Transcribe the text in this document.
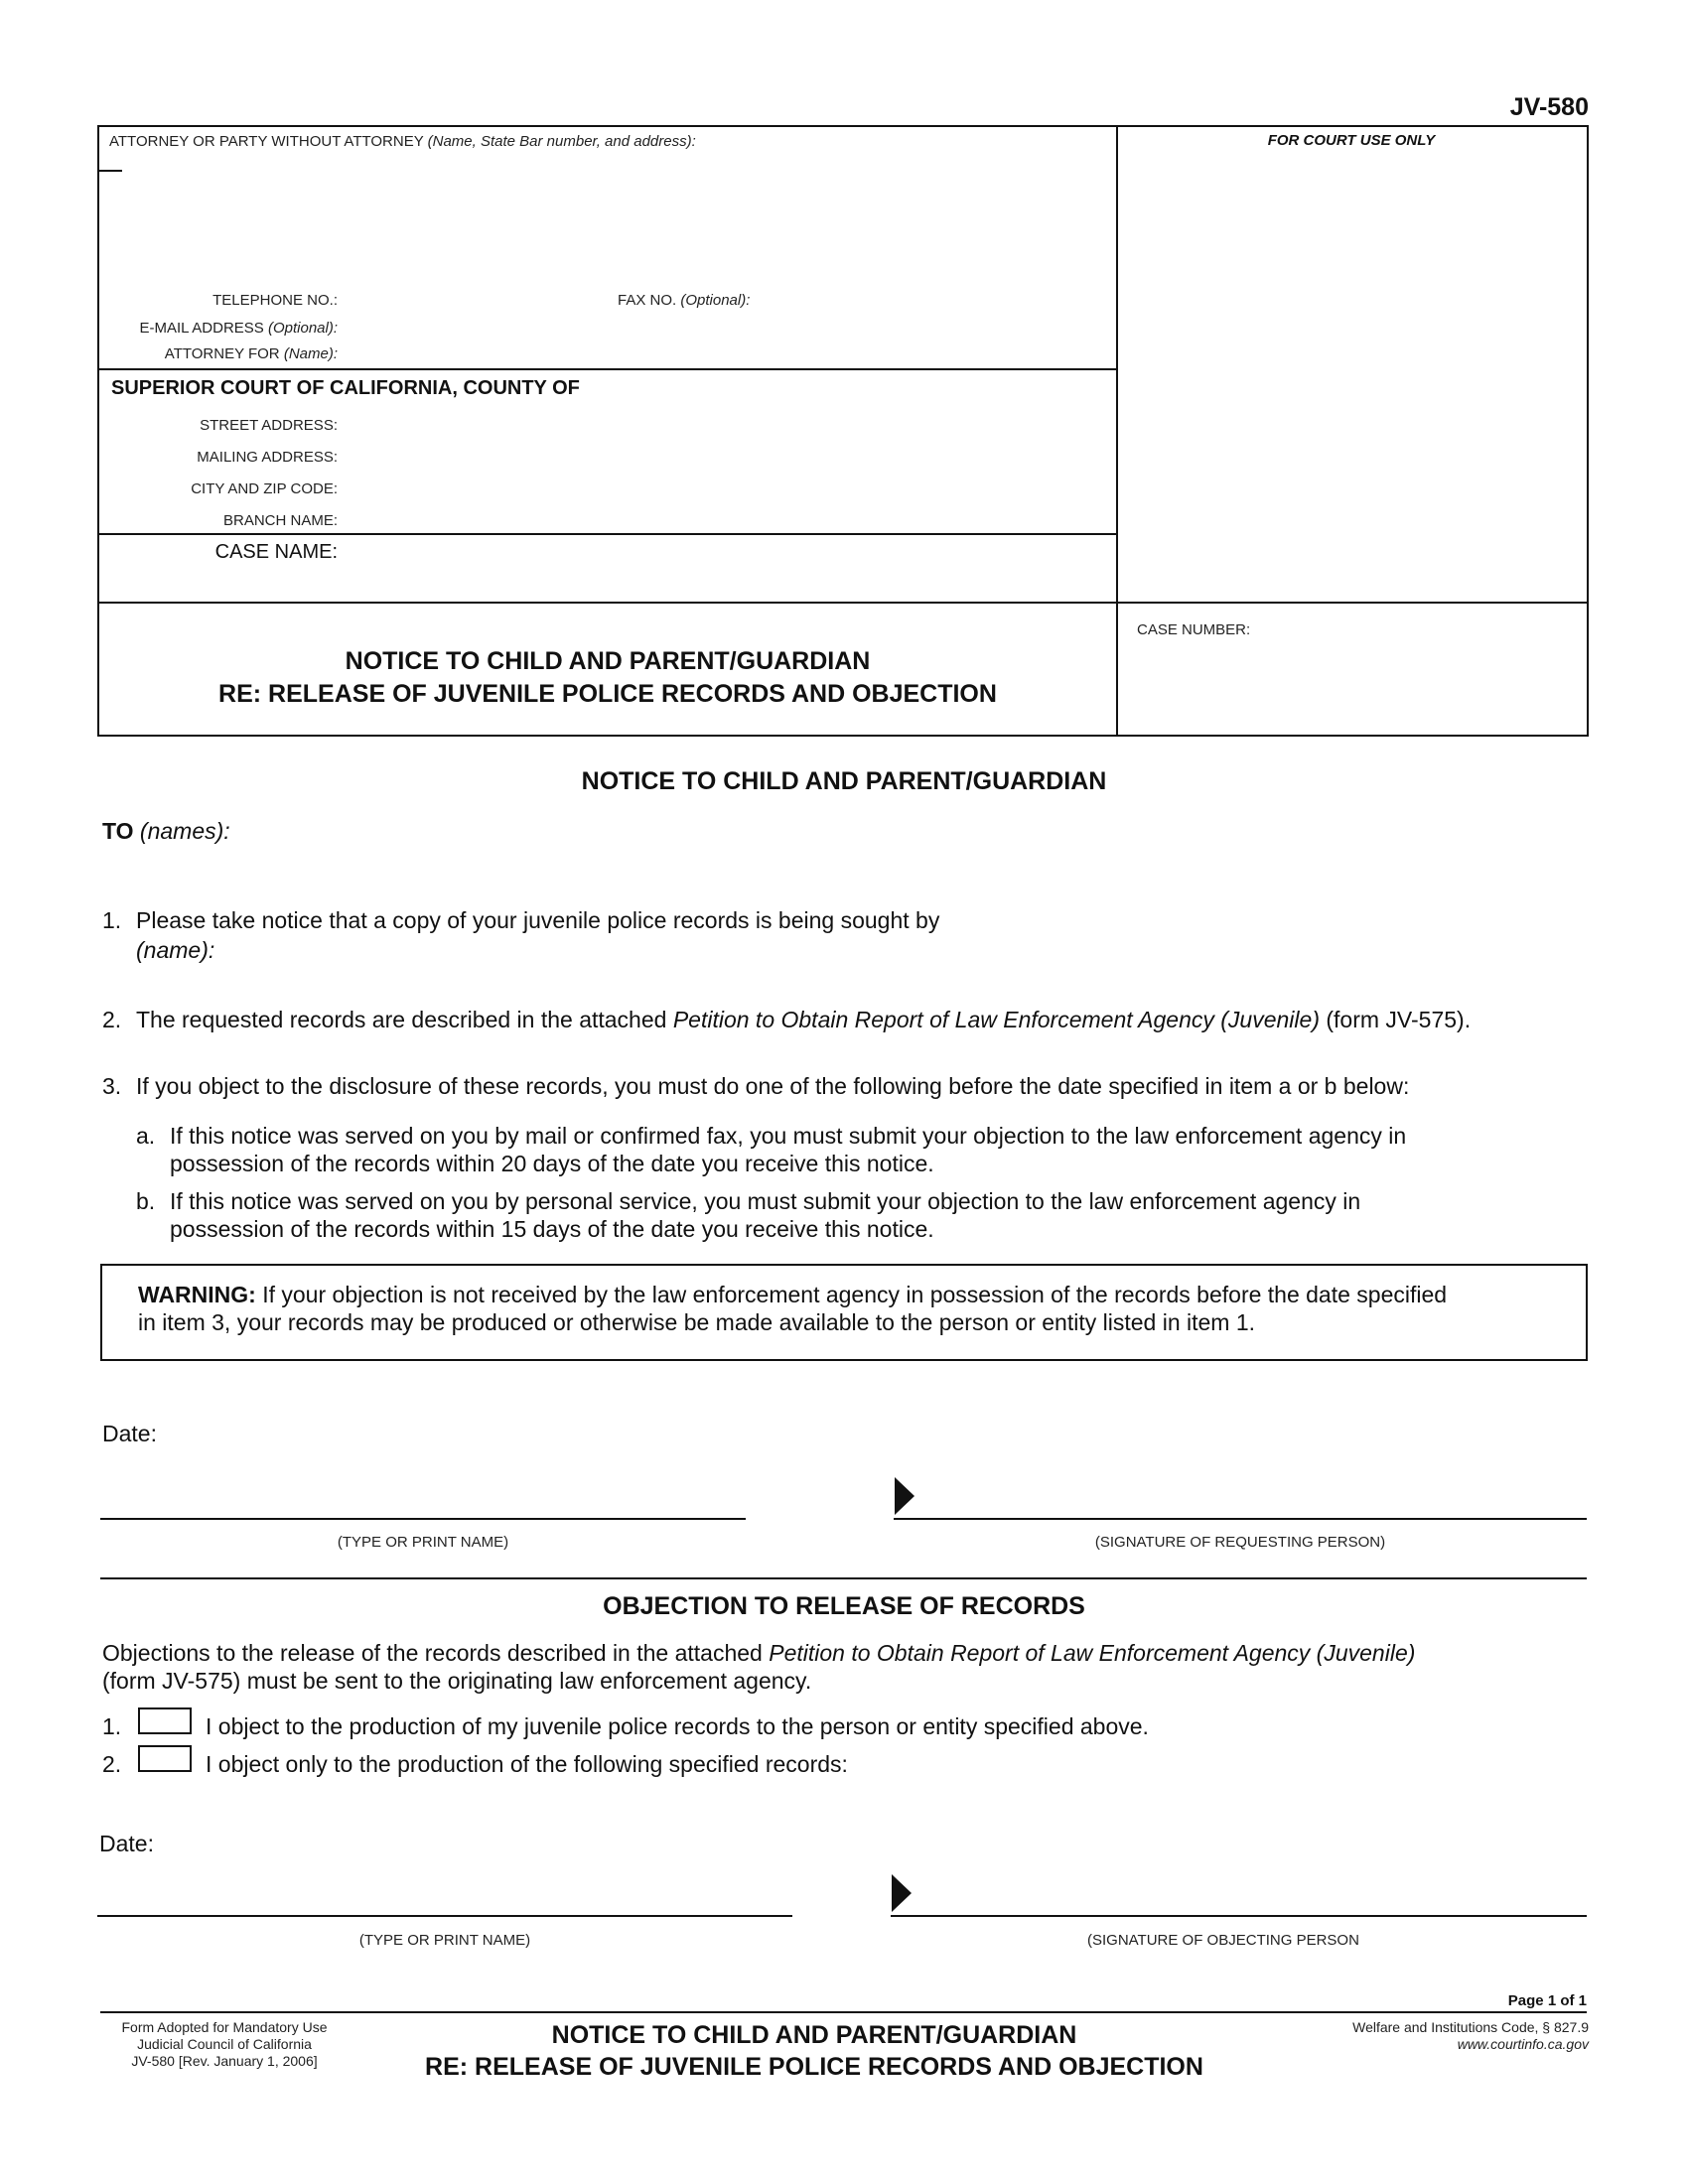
JV-580
ATTORNEY OR PARTY WITHOUT ATTORNEY (Name, State Bar number, and address):	FOR COURT USE ONLY
TELEPHONE NO.:	FAX NO. (Optional):
E-MAIL ADDRESS (Optional):
ATTORNEY FOR (Name):
SUPERIOR COURT OF CALIFORNIA, COUNTY OF
STREET ADDRESS:
MAILING ADDRESS:
CITY AND ZIP CODE:
BRANCH NAME:
CASE NAME:
NOTICE TO CHILD AND PARENT/GUARDIAN
RE: RELEASE OF JUVENILE POLICE RECORDS AND OBJECTION
CASE NUMBER:
NOTICE TO CHILD AND PARENT/GUARDIAN
TO (names):
1. Please take notice that a copy of your juvenile police records is being sought by
(name):
2. The requested records are described in the attached Petition to Obtain Report of Law Enforcement Agency (Juvenile) (form JV-575).
3. If you object to the disclosure of these records, you must do one of the following before the date specified in item a or b below:
a. If this notice was served on you by mail or confirmed fax, you must submit your objection to the law enforcement agency in
possession of the records within 20 days of the date you receive this notice.
b. If this notice was served on you by personal service, you must submit your objection to the law enforcement agency in
possession of the records within 15 days of the date you receive this notice.
WARNING: If your objection is not received by the law enforcement agency in possession of the records before the date specified
in item 3, your records may be produced or otherwise be made available to the person or entity listed in item 1.
Date:
(TYPE OR PRINT NAME)	(SIGNATURE OF REQUESTING PERSON)
OBJECTION TO RELEASE OF RECORDS
Objections to the release of the records described in the attached Petition to Obtain Report of Law Enforcement Agency (Juvenile)
(form JV-575) must be sent to the originating law enforcement agency.
1.	I object to the production of my juvenile police records to the person or entity specified above.
2.	I object only to the production of the following specified records:
Date:
(TYPE OR PRINT NAME)	(SIGNATURE OF OBJECTING PERSON
Page 1 of 1
Form Adopted for Mandatory Use
Judicial Council of California
JV-580 [Rev. January 1, 2006]
NOTICE TO CHILD AND PARENT/GUARDIAN
RE: RELEASE OF JUVENILE POLICE RECORDS AND OBJECTION
Welfare and Institutions Code, § 827.9
www.courtinfo.ca.gov
